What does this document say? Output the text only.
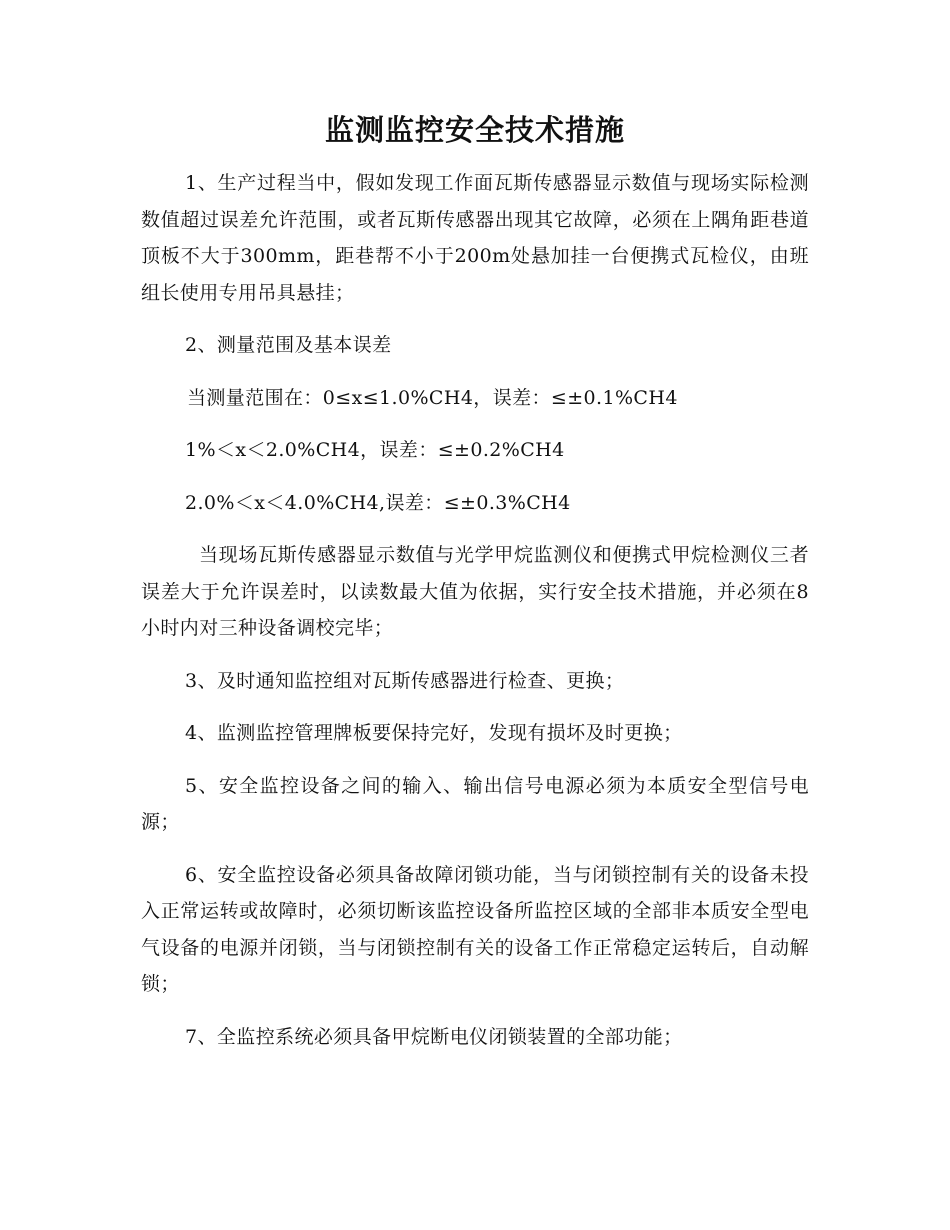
监测监控安全技术措施

1、生产过程当中，假如发现工作面瓦斯传感器显示数值与现场实际检测数值超过误差允许范围，或者瓦斯传感器出现其它故障，必须在上隅角距巷道顶板不大于300mm，距巷帮不小于200m处悬加挂一台便携式瓦检仪，由班组长使用专用吊具悬挂；

2、测量范围及基本误差

当测量范围在：0≤x≤1.0%CH4，误差：≤±0.1%CH4

1%＜x＜2.0%CH4，误差：≤±0.2%CH4

2.0%＜x＜4.0%CH4,误差：≤±0.3%CH4

当现场瓦斯传感器显示数值与光学甲烷监测仪和便携式甲烷检测仪三者误差大于允许误差时，以读数最大值为依据，实行安全技术措施，并必须在8小时内对三种设备调校完毕；

3、及时通知监控组对瓦斯传感器进行检查、更换；

4、监测监控管理牌板要保持完好，发现有损坏及时更换；

5、安全监控设备之间的输入、输出信号电源必须为本质安全型信号电源；

6、安全监控设备必须具备故障闭锁功能，当与闭锁控制有关的设备未投入正常运转或故障时，必须切断该监控设备所监控区域的全部非本质安全型电气设备的电源并闭锁，当与闭锁控制有关的设备工作正常稳定运转后，自动解锁；

7、全监控系统必须具备甲烷断电仪闭锁装置的全部功能；
